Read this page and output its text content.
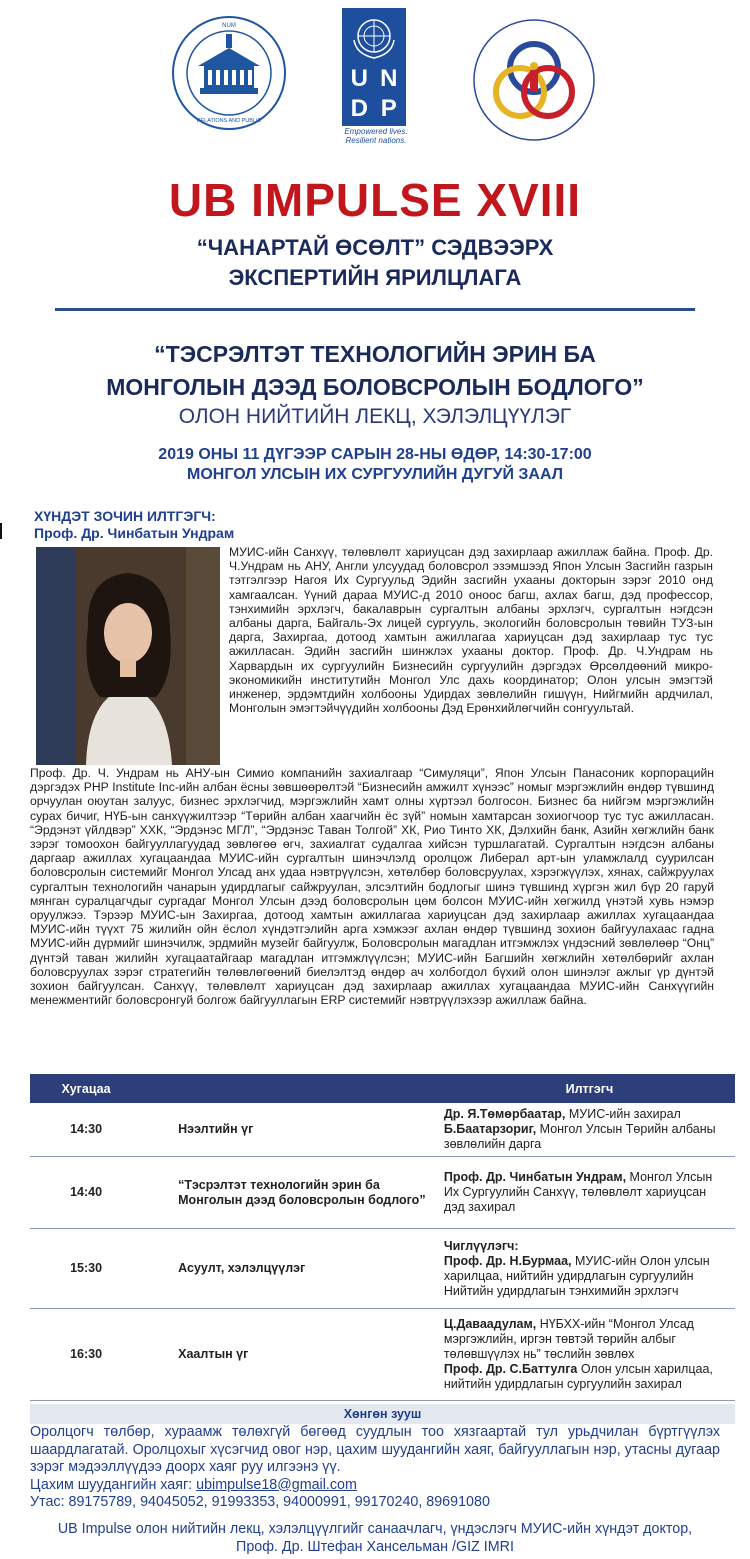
NUM
RELATIONS AND PUBLIC
U N
D P
Empowered lives.
Resilient nations.
UB IMPULSE XVIII
“ЧАНАРТАЙ ӨСӨЛТ” СЭДВЭЭРХ
ЭКСПЕРТИЙН ЯРИЛЦЛАГА
“ТЭСРЭЛТЭТ ТЕХНОЛОГИЙН ЭРИН БА
МОНГОЛЫН ДЭЭД БОЛОВСРОЛЫН БОДЛОГО”
ОЛОН НИЙТИЙН ЛЕКЦ, ХЭЛЭЛЦҮҮЛЭГ
2019 ОНЫ 11 ДҮГЭЭР САРЫН 28-НЫ ӨДӨР, 14:30-17:00
МОНГОЛ УЛСЫН ИХ СУРГУУЛИЙН ДУГУЙ ЗААЛ
ХҮНДЭТ ЗОЧИН ИЛТГЭГЧ:
Проф. Др. Чинбатын Ундрам
МУИС-ийн Санхүү, төлөвлөлт хариуцсан дэд захирлаар ажиллаж байна. Проф. Др. Ч.Ундрам нь АНУ, Англи улсуудад боловсрол эзэмшээд Япон Улсын Засгийн газрын тэтгэлгээр Нагоя Их Сургуульд Эдийн засгийн ухааны докторын зэрэг 2010 онд хамгаалсан. Үүний дараа МУИС-д 2010 оноос багш, ахлах багш, дэд профессор, тэнхимийн эрхлэгч, бакалаврын сургалтын албаны эрхлэгч, сургалтын нэгдсэн албаны дарга, Байгаль-Эх лицей сургууль, экологийн боловсролын төвийн ТУЗ-ын дарга, Захиргаа, дотоод хамтын ажиллагаа хариуцсан дэд захирлаар тус тус ажилласан. Эдийн засгийн шинжлэх ухааны доктор. Проф. Др. Ч.Ундрам нь Харвардын их сургуулийн Бизнесийн сургуулийн дэргэдэх Өрсөлдөөний микро-экономикийн институтийн Монгол Улс дахь координатор; Олон улсын эмэгтэй инженер, эрдэмтдийн холбооны Удирдах зөвлөлийн гишүүн, Нийгмийн ардчилал, Монголын эмэгтэйчүүдийн холбооны Дэд Ерөнхийлөгчийн сонгуультай.
Проф. Др. Ч. Ундрам нь АНУ-ын Симио компанийн захиалгаар “Симуляци”, Япон Улсын Панасоник корпорацийн дэргэдэх PHP Institute Inc-ийн албан ёсны зөвшөөрөлтэй “Бизнесийн амжилт хүнээс” номыг мэргэжлийн өндөр түвшинд орчуулан оюутан залуус, бизнес эрхлэгчид, мэргэжлийн хамт олны хүртээл болгосон. Бизнес ба нийгэм мэргэжлийн сурах бичиг, НҮБ-ын санхүүжилтээр “Төрийн албан хаагчийн ёс зүй” номын хамтарсан зохиогчоор тус тус ажилласан. “Эрдэнэт үйлдвэр” ХХК, “Эрдэнэс МГЛ”, “Эрдэнэс Таван Толгой” ХК, Рио Тинто ХК, Дэлхийн банк, Азийн хөгжлийн банк зэрэг томоохон байгууллагуудад зөвлөгөө өгч, захиалгат судалгаа хийсэн туршлагатай. Сургалтын нэгдсэн албаны даргаар ажиллах хугацаандаа МУИС-ийн сургалтын шинэчлэлд оролцож Либерал арт-ын уламжлалд суурилсан боловсролын системийг Монгол Улсад анх удаа нэвтрүүлсэн, хөтөлбөр боловсруулах, хэрэгжүүлэх, хянах, сайжруулах сургалтын технологийн чанарын удирдлагыг сайжруулан, элсэлтийн бодлогыг шинэ түвшинд хүргэн жил бүр 20 гаруй мянган суралцагчдыг сургадаг Монгол Улсын дээд боловсролын цөм болсон МУИС-ийн хөгжилд үнэтэй хувь нэмэр оруулжээ. Тэрээр МУИС-ын Захиргаа, дотоод хамтын ажиллагаа хариуцсан дэд захирлаар ажиллах хугацаандаа МУИС-ийн түүхт 75 жилийн ойн ёслол хүндэтгэлийн арга хэмжээг ахлан өндөр түвшинд зохион байгуулахаас гадна МУИС-ийн дүрмийг шинэчилж, эрдмийн музейг байгуулж, Боловсролын магадлан итгэмжлэх үндэсний зөвлөлөөр “Онц” дүнтэй таван жилийн хугацаатайгаар магадлан итгэмжлүүлсэн; МУИС-ийн Багшийн хөгжлийн хөтөлбөрийг ахлан боловсруулах зэрэг стратегийн төлөвлөгөөний биелэлтэд өндөр ач холбогдол бүхий олон шинэлэг ажлыг үр дүнтэй зохион байгуулсан. Санхүү, төлөвлөлт хариуцсан дэд захирлаар ажиллах хугацаандаа МУИС-ийн Санхүүгийн менежментийг боловсронгуй болгож байгууллагын ERP системийг нэвтрүүлэхээр ажиллаж байна.
Хугацаа		Илтгэгч
14:30	Нээлтийн үг	Др. Я.Төмөрбаатар, МУИС-ийн захирал
Б.Баатарзориг, Монгол Улсын Төрийн албаны зөвлөлийн дарга

14:40	“Тэсрэлтэт технологийн эрин ба Монголын дээд боловсролын бодлого”	Проф. Др. Чинбатын Ундрам, Монгол Улсын Их Сургуулийн Санхүү, төлөвлөлт хариуцсан дэд захирал

15:30	Асуулт, хэлэлцүүлэг	Чиглүүлэгч:
Проф. Др. Н.Бурмаа, МУИС-ийн Олон улсын харилцаа, нийтийн удирдлагын сургуулийн Нийтийн удирдлагын тэнхимийн эрхлэгч

16:30	Хаалтын үг	Ц.Даваадулам, НҮБХХ-ийн “Монгол Улсад мэргэжлийн, иргэн төвтэй төрийн албыг төлөвшүүлэх нь” төслийн зөвлөх
Проф. Др. С.Баттулга Олон улсын харилцаа, нийтийн удирдлагын сургуулийн захирал
Хөнгөн зууш
Оролцогч төлбөр, хураамж төлөхгүй бөгөөд суудлын тоо хязгаартай тул урьдчилан бүртгүүлэх шаардлагатай. Оролцохыг хүсэгчид овог нэр, цахим шуудангийн хаяг, байгууллагын нэр, утасны дугаар зэрэг мэдээллүүдээ доорх хаяг руу илгээнэ үү.
Цахим шуудангийн хаяг: ubimpulse18@gmail.com
Утас: 89175789, 94045052, 91993353, 94000991, 99170240, 89691080
UB Impulse олон нийтийн лекц, хэлэлцүүлгийг санаачлагч, үндэслэгч МУИС-ийн хүндэт доктор,
Проф. Др. Штефан Хансельман /GIZ IMRI
